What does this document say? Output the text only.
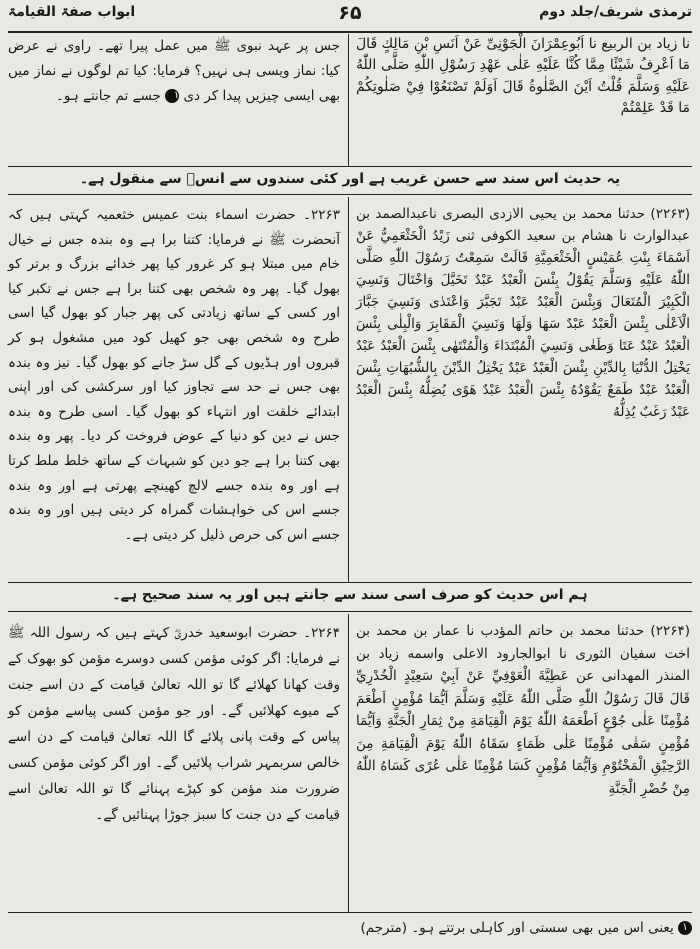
ترمذی شریف/جلد دوم
۶۵
ابواب صفۃ القیامۃ
نا زیاد بن الربیع نا اَبُوعِمْرَانَ الْجَوْنِیِّ عَنْ اَنَسِ بْنِ مَالِكٍ قَالَ مَا اَعْرِفُ شَيْئًا مِمَّا كُنَّا عَلَيْهِ عَلٰى عَهْدِ رَسُوْلِ اللّٰهِ صَلَّى اللّٰهُ عَلَيْهِ وَسَلَّمَ قُلْتُ اَيْنَ الصَّلٰوةُ قَالَ اَوَلَمْ تَصْنَعُوْا فِيْ صَلٰوتِكُمْ مَا قَدْ عَلِمْتُمْ
جس پر عہد نبوی ﷺ میں عمل پیرا تھے۔ راوی نے عرض کیا: نماز ویسی ہی نہیں؟ فرمایا: کیا تم لوگوں نے نماز میں بھی ایسی چیزیں پیدا کر دی ۱ جسے تم جانتے ہو۔
یہ حدیث اس سند سے حسن غریب ہے اور کئی سندوں سے انسؓ سے منقول ہے۔
(۲۲۶۳) حدثنا محمد بن یحیی الازدی البصری ناعبدالصمد بن عبدالوارث نا هشام بن سعید الکوفی ثنی زَيْدُ الْخَثْعَمِيُّ عَنْ اَسْمَاءَ بِنْتِ عُمَيْسٍ الْخَثْعَمِيَّةِ قَالَتْ سَمِعْتُ رَسُوْلَ اللّٰهِ صَلَّى اللّٰهُ عَلَيْهِ وَسَلَّمَ يَقُوْلُ بِئْسَ الْعَبْدُ عَبْدٌ تَخَيَّلَ وَاخْتَالَ وَنَسِيَ الْكَبِيْرَ الْمُتَعَالَ وَبِئْسَ الْعَبْدُ عَبْدٌ تَجَبَّرَ وَاعْتَدٰى وَنَسِيَ جَبَّارَ الْاَعْلٰى بِئْسَ الْعَبْدُ عَبْدٌ سَهَا وَلَهَا وَنَسِيَ الْمَقَابِرَ وَالْبِلٰى بِئْسَ الْعَبْدُ عَبْدٌ عَتَا وَطَغٰى وَنَسِيَ الْمُبْتَدَاءَ وَالْمُنْتَهٰى بِئْسَ الْعَبْدُ عَبْدٌ يَخْتِلُ الدُّنْيَا بِالدِّيْنِ بِئْسَ الْعَبْدُ عَبْدٌ يَخْتِلُ الدِّيْنَ بِالشُّبُهَاتِ بِئْسَ الْعَبْدُ عَبْدٌ طَمَعٌ يَقُوْدُهُ بِئْسَ الْعَبْدُ عَبْدٌ هَوًى يُضِلُّهُ بِئْسَ الْعَبْدُ عَبْدٌ رَغَبٌ يُذِلُّهُ
۲۲۶۳۔ حضرت اسماء بنت عمیس خثعمیہ کہتی ہیں کہ آنحضرت ﷺ نے فرمایا: کتنا برا ہے وہ بندہ جس نے خیال خام میں مبتلا ہو کر غرور کیا پھر خدائے بزرگ و برتر کو بھول گیا۔ پھر وہ شخص بھی کتنا برا ہے جس نے تکبر کیا اور کسی کے ساتھ زیادتی کی پھر جبار کو بھول گیا اسی طرح وہ شخص بھی جو کھیل کود میں مشغول ہو کر قبروں اور ہڈیوں کے گل سڑ جانے کو بھول گیا۔ نیز وہ بندہ بھی جس نے حد سے تجاوز کیا اور سرکشی کی اور اپنی ابتدائے خلقت اور انتہاء کو بھول گیا۔ اسی طرح وہ بندہ جس نے دین کو دنیا کے عوض فروخت کر دیا۔ پھر وہ بندہ بھی کتنا برا ہے جو دین کو شبہات کے ساتھ خلط ملط کرتا ہے اور وہ بندہ جسے لالچ کھینچے پھرتی ہے اور وہ بندہ جسے اس کی خواہشات گمراہ کر دیتی ہیں اور وہ بندہ جسے اس کی حرص ذلیل کر دیتی ہے۔
ہم اس حدیث کو صرف اسی سند سے جانتے ہیں اور یہ سند صحیح ہے۔
(۲۲۶۴) حدثنا محمد بن حاتم المؤدب نا عمار بن محمد بن اخت سفیان الثوری نا ابوالجارود الاعلی واسمه زیاد بن المنذر المهدانی عن عَطِيَّةَ الْعَوْفِيِّ عَنْ اَبِيْ سَعِيْدٍ الْخُدْرِيِّ قَالَ قَالَ رَسُوْلُ اللّٰهِ صَلَّى اللّٰهُ عَلَيْهِ وَسَلَّمَ اَيُّمَا مُؤْمِنٍ اَطْعَمَ مُؤْمِنًا عَلٰى جُوْعٍ اَطْعَمَهُ اللّٰهُ يَوْمَ الْقِيَامَةِ مِنْ ثِمَارِ الْجَنَّةِ وَاَيُّمَا مُؤْمِنٍ سَقٰى مُؤْمِنًا عَلٰى ظَمَاءٍ سَقَاهُ اللّٰهُ يَوْمَ الْقِيَامَةِ مِنَ الرَّحِيْقِ الْمَخْتُوْمِ وَاَيُّمَا مُؤْمِنٍ كَسَا مُؤْمِنًا عَلٰى عُرًى كَسَاهُ اللّٰهُ مِنْ خُضْرِ الْجَنَّةِ
۲۲۶۴۔ حضرت ابوسعید خدریؓ کہتے ہیں کہ رسول اللہ ﷺ نے فرمایا: اگر کوئی مؤمن کسی دوسرے مؤمن کو بھوک کے وقت کھانا کھلائے گا تو اللہ تعالیٰ قیامت کے دن اسے جنت کے میوے کھلائیں گے۔ اور جو مؤمن کسی پیاسے مؤمن کو پیاس کے وقت پانی پلائے گا اللہ تعالیٰ قیامت کے دن اسے خالص سربمہر شراب پلائیں گے۔ اور اگر کوئی مؤمن کسی ضرورت مند مؤمن کو کپڑے پہنائے گا تو اللہ تعالیٰ اسے قیامت کے دن جنت کا سبز جوڑا پہنائیں گے۔
۱ یعنی اس میں بھی سستی اور کاہلی برتتے ہو۔ (مترجم)
